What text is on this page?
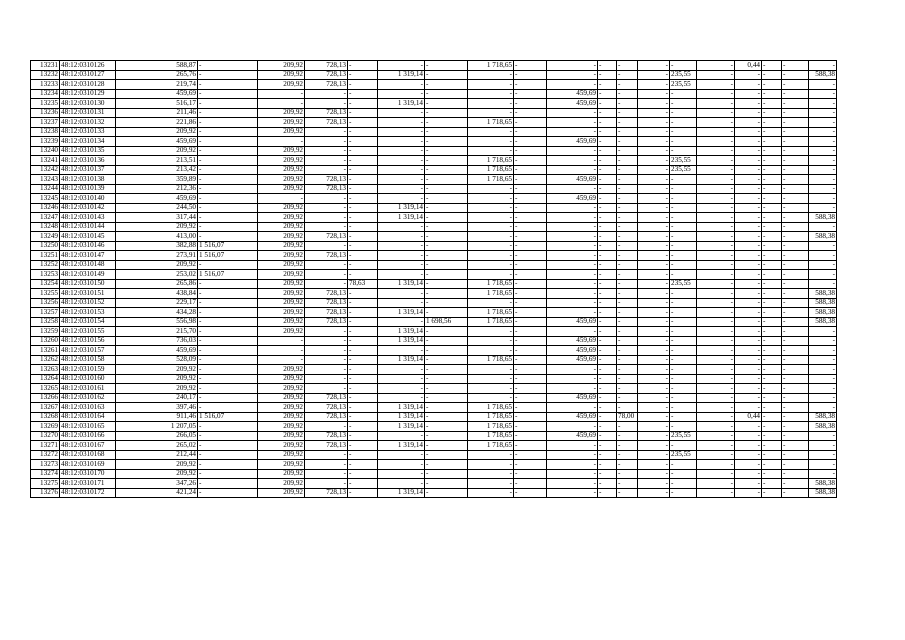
13231	48:12:0310126	588,87	-	209,92	728,13	-	-	-	1 718,65	-	-	-	-	-	-	-	0,44	-	-	-
13232	48:12:0310127	265,76	-	209,92	728,13	-	1 319,14	-	-	-	-	-	-	-	235,55	-	-	-	-	588,38
13233	48:12:0310128	219,74	-	209,92	728,13	-	-	-	-	-	-	-	-	-	235,55	-	-	-	-	-
13234	48:12:0310129	459,69	-	-	-	-	-	-	-	-	459,69	-	-	-	-	-	-	-	-	-
13235	48:12:0310130	516,17	-	-	-	-	1 319,14	-	-	-	459,69	-	-	-	-	-	-	-	-	-
13236	48:12:0310131	211,46	-	209,92	728,13	-	-	-	-	-	-	-	-	-	-	-	-	-	-	-
13237	48:12:0310132	221,86	-	209,92	728,13	-	-	-	1 718,65	-	-	-	-	-	-	-	-	-	-	-
13238	48:12:0310133	209,92	-	209,92	-	-	-	-	-	-	-	-	-	-	-	-	-	-	-	-
13239	48:12:0310134	459,69	-	-	-	-	-	-	-	-	459,69	-	-	-	-	-	-	-	-	-
13240	48:12:0310135	209,92	-	209,92	-	-	-	-	-	-	-	-	-	-	-	-	-	-	-	-
13241	48:12:0310136	213,51	-	209,92	-	-	-	-	1 718,65	-	-	-	-	-	235,55	-	-	-	-	-
13242	48:12:0310137	213,42	-	209,92	-	-	-	-	1 718,65	-	-	-	-	-	235,55	-	-	-	-	-
13243	48:12:0310138	359,89	-	209,92	728,13	-	-	-	1 718,65	-	459,69	-	-	-	-	-	-	-	-	-
13244	48:12:0310139	212,36	-	209,92	728,13	-	-	-	-	-	-	-	-	-	-	-	-	-	-	-
13245	48:12:0310140	459,69	-	-	-	-	-	-	-	-	459,69	-	-	-	-	-	-	-	-	-
13246	48:12:0310142	244,50	-	209,92	-	-	1 319,14	-	-	-	-	-	-	-	-	-	-	-	-	-
13247	48:12:0310143	317,44	-	209,92	-	-	1 319,14	-	-	-	-	-	-	-	-	-	-	-	-	588,38
13248	48:12:0310144	209,92	-	209,92	-	-	-	-	-	-	-	-	-	-	-	-	-	-	-	-
13249	48:12:0310145	413,00	-	209,92	728,13	-	-	-	-	-	-	-	-	-	-	-	-	-	-	588,38
13250	48:12:0310146	382,88	1 516,07	209,92	-	-	-	-	-	-	-	-	-	-	-	-	-	-	-	-
13251	48:12:0310147	273,91	1 516,07	209,92	728,13	-	-	-	-	-	-	-	-	-	-	-	-	-	-	-
13252	48:12:0310148	209,92	-	209,92	-	-	-	-	-	-	-	-	-	-	-	-	-	-	-	-
13253	48:12:0310149	253,02	1 516,07	209,92	-	-	-	-	-	-	-	-	-	-	-	-	-	-	-	-
13254	48:12:0310150	265,86	-	209,92	-	78,63	1 319,14	-	1 718,65	-	-	-	-	-	235,55	-	-	-	-	-
13255	48:12:0310151	438,84	-	209,92	728,13	-	-	-	1 718,65	-	-	-	-	-	-	-	-	-	-	588,38
13256	48:12:0310152	229,17	-	209,92	728,13	-	-	-	-	-	-	-	-	-	-	-	-	-	-	588,38
13257	48:12:0310153	434,28	-	209,92	728,13	-	1 319,14	-	1 718,65	-	-	-	-	-	-	-	-	-	-	588,38
13258	48:12:0310154	556,98	-	209,92	728,13	-	-	1 698,56	1 718,65	-	459,69	-	-	-	-	-	-	-	-	588,38
13259	48:12:0310155	215,70	-	209,92	-	-	1 319,14	-	-	-	-	-	-	-	-	-	-	-	-	-
13260	48:12:0310156	736,03	-	-	-	-	1 319,14	-	-	-	459,69	-	-	-	-	-	-	-	-	-
13261	48:12:0310157	459,69	-	-	-	-	-	-	-	-	459,69	-	-	-	-	-	-	-	-	-
13262	48:12:0310158	528,09	-	-	-	-	1 319,14	-	1 718,65	-	459,69	-	-	-	-	-	-	-	-	-
13263	48:12:0310159	209,92	-	209,92	-	-	-	-	-	-	-	-	-	-	-	-	-	-	-	-
13264	48:12:0310160	209,92	-	209,92	-	-	-	-	-	-	-	-	-	-	-	-	-	-	-	-
13265	48:12:0310161	209,92	-	209,92	-	-	-	-	-	-	-	-	-	-	-	-	-	-	-	-
13266	48:12:0310162	240,17	-	209,92	728,13	-	-	-	-	-	459,69	-	-	-	-	-	-	-	-	-
13267	48:12:0310163	397,46	-	209,92	728,13	-	1 319,14	-	1 718,65	-	-	-	-	-	-	-	-	-	-	-
13268	48:12:0310164	911,46	1 516,07	209,92	728,13	-	1 319,14	-	1 718,65	-	459,69	-	78,00	-	-	-	0,44	-	-	588,38
13269	48:12:0310165	1 207,05	-	209,92	-	-	1 319,14	-	1 718,65	-	-	-	-	-	-	-	-	-	-	588,38
13270	48:12:0310166	266,05	-	209,92	728,13	-	-	-	1 718,65	-	459,69	-	-	-	235,55	-	-	-	-	-
13271	48:12:0310167	265,02	-	209,92	728,13	-	1 319,14	-	1 718,65	-	-	-	-	-	-	-	-	-	-	-
13272	48:12:0310168	212,44	-	209,92	-	-	-	-	-	-	-	-	-	-	235,55	-	-	-	-	-
13273	48:12:0310169	209,92	-	209,92	-	-	-	-	-	-	-	-	-	-	-	-	-	-	-	-
13274	48:12:0310170	209,92	-	209,92	-	-	-	-	-	-	-	-	-	-	-	-	-	-	-	-
13275	48:12:0310171	347,26	-	209,92	-	-	-	-	-	-	-	-	-	-	-	-	-	-	-	588,38
13276	48:12:0310172	421,24	-	209,92	728,13	-	1 319,14	-	-	-	-	-	-	-	-	-	-	-	-	588,38
